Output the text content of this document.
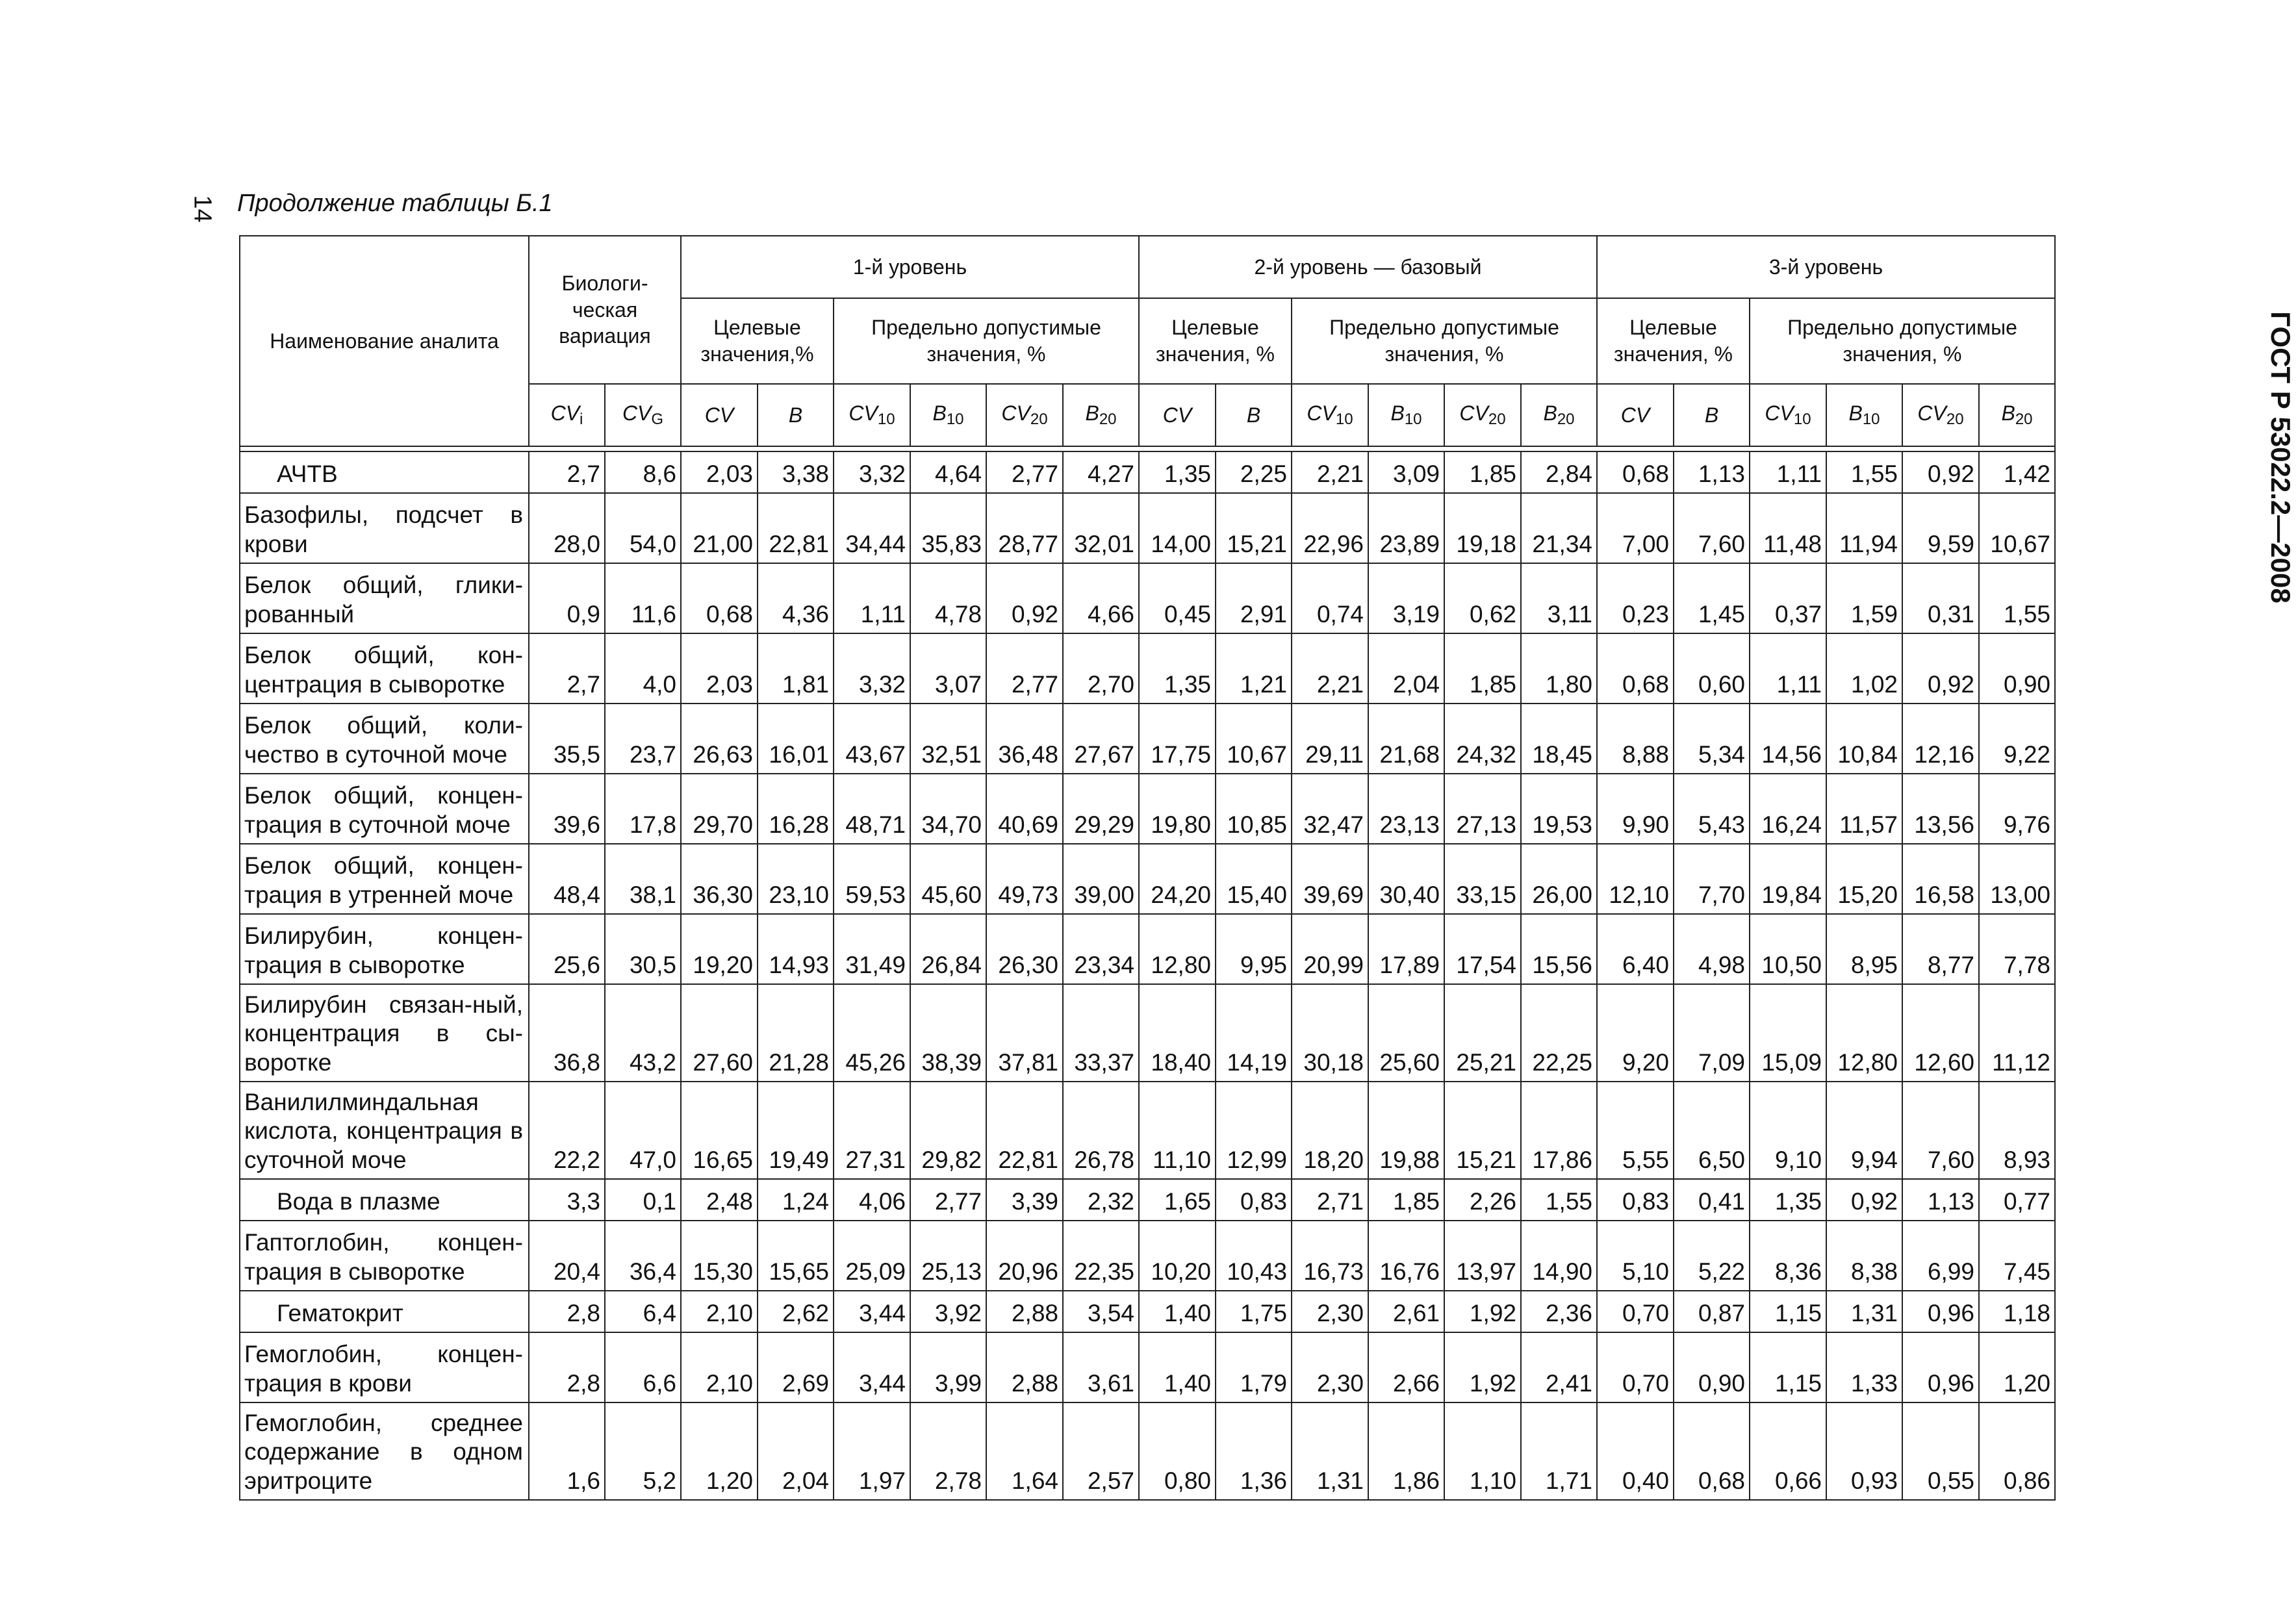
14 Продолжение таблицы Б.1
ГОСТ Р 53022.2—2008
Наименование аналита	Биологи-ческая вариация		1-й уровень						2-й уровень — базовый						3-й уровень					
			Целевые значения,%		Предельно допустимые значения, %				Целевые значения, %		Предельно допустимые значения, %				Целевые значения, %		Предельно допустимые значения, %			
	$CV_i$	$CV_G$	CV	B	$CV_{10}$	$B_{10}$	$CV_{20}$	$B_{20}$	CV	B	$CV_{10}$	$B_{10}$	$CV_{20}$	$B_{20}$	CV	B	$CV_{10}$	$B_{10}$	$CV_{20}$	$B_{20}$

АЧТВ	2,7	8,6	2,03	3,38	3,32	4,64	2,77	4,27	1,35	2,25	2,21	3,09	1,85	2,84	0,68	1,13	1,11	1,55	0,92	1,42
Базофилы, подсчет в крови	28,0	54,0	21,00	22,81	34,44	35,83	28,77	32,01	14,00	15,21	22,96	23,89	19,18	21,34	7,00	7,60	11,48	11,94	9,59	10,67
Белок общий, глики-рованный	0,9	11,6	0,68	4,36	1,11	4,78	0,92	4,66	0,45	2,91	0,74	3,19	0,62	3,11	0,23	1,45	0,37	1,59	0,31	1,55
Белок общий, кон-центрация в сыворотке	2,7	4,0	2,03	1,81	3,32	3,07	2,77	2,70	1,35	1,21	2,21	2,04	1,85	1,80	0,68	0,60	1,11	1,02	0,92	0,90
Белок общий, коли-чество в суточной моче	35,5	23,7	26,63	16,01	43,67	32,51	36,48	27,67	17,75	10,67	29,11	21,68	24,32	18,45	8,88	5,34	14,56	10,84	12,16	9,22
Белок общий, концен-трация в суточной моче	39,6	17,8	29,70	16,28	48,71	34,70	40,69	29,29	19,80	10,85	32,47	23,13	27,13	19,53	9,90	5,43	16,24	11,57	13,56	9,76
Белок общий, концен-трация в утренней моче	48,4	38,1	36,30	23,10	59,53	45,60	49,73	39,00	24,20	15,40	39,69	30,40	33,15	26,00	12,10	7,70	19,84	15,20	16,58	13,00
Билирубин, концен-трация в сыворотке	25,6	30,5	19,20	14,93	31,49	26,84	26,30	23,34	12,80	9,95	20,99	17,89	17,54	15,56	6,40	4,98	10,50	8,95	8,77	7,78
Билирубин связан-ный, концентрация в сы-воротке	36,8	43,2	27,60	21,28	45,26	38,39	37,81	33,37	18,40	14,19	30,18	25,60	25,21	22,25	9,20	7,09	15,09	12,80	12,60	11,12
Ванилилминдальная кислота, концентрация в суточной моче	22,2	47,0	16,65	19,49	27,31	29,82	22,81	26,78	11,10	12,99	18,20	19,88	15,21	17,86	5,55	6,50	9,10	9,94	7,60	8,93
Вода в плазме	3,3	0,1	2,48	1,24	4,06	2,77	3,39	2,32	1,65	0,83	2,71	1,85	2,26	1,55	0,83	0,41	1,35	0,92	1,13	0,77
Гаптоглобин, концен-трация в сыворотке	20,4	36,4	15,30	15,65	25,09	25,13	20,96	22,35	10,20	10,43	16,73	16,76	13,97	14,90	5,10	5,22	8,36	8,38	6,99	7,45
Гематокрит	2,8	6,4	2,10	2,62	3,44	3,92	2,88	3,54	1,40	1,75	2,30	2,61	1,92	2,36	0,70	0,87	1,15	1,31	0,96	1,18
Гемоглобин, концен-трация в крови	2,8	6,6	2,10	2,69	3,44	3,99	2,88	3,61	1,40	1,79	2,30	2,66	1,92	2,41	0,70	0,90	1,15	1,33	0,96	1,20
Гемоглобин, среднее содержание в одном эритроците	1,6	5,2	1,20	2,04	1,97	2,78	1,64	2,57	0,80	1,36	1,31	1,86	1,10	1,71	0,40	0,68	0,66	0,93	0,55	0,86
